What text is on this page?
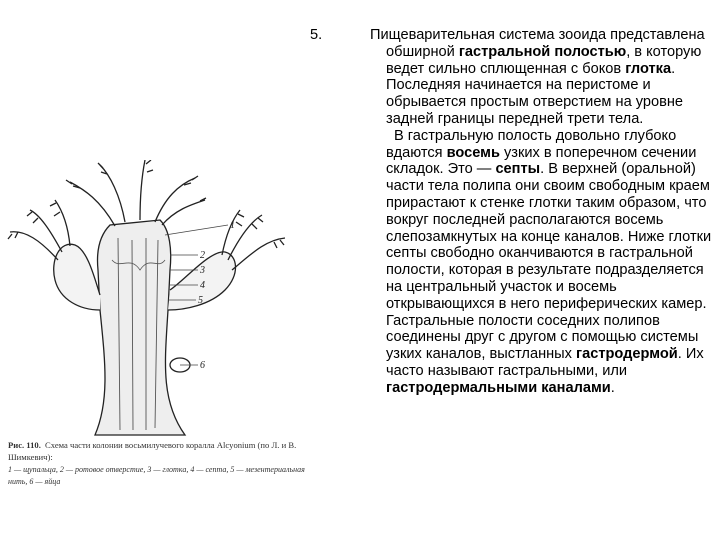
1
2
3
4
5
6
Рис. 110. Схема части колонии восьмилучевого коралла Alcyonium (по Л. и В. Шимкевич):
1 — щупальца, 2 — ротовое отверстие, 3 — глотка, 4 — септа, 5 — мезентериальная нить, 6 — яйца

5.	Пищеварительная система зооида представлена обширной гастральной полостью, в которую ведет сильно сплющенная с боков глотка. Последняя начинается на перистоме и обрывается простым отверстием на уровне задней границы передней трети тела.

В гастральную полость довольно глубоко вдаются восемь узких в поперечном сечении складок. Это — септы. В верхней (оральной) части тела полипа они своим свободным краем прирастают к стенке глотки таким образом, что вокруг последней располагаются восемь слепозамкнутых на конце каналов. Ниже глотки септы свободно оканчиваются в гастральной полости, которая в результате подразделяется на центральный участок и восемь открывающихся в него периферических камер. Гастральные полости соседних полипов соединены друг с другом с помощью системы узких каналов, выстланных гастродермой. Их часто называют гастральными, или гастродермальными каналами.
